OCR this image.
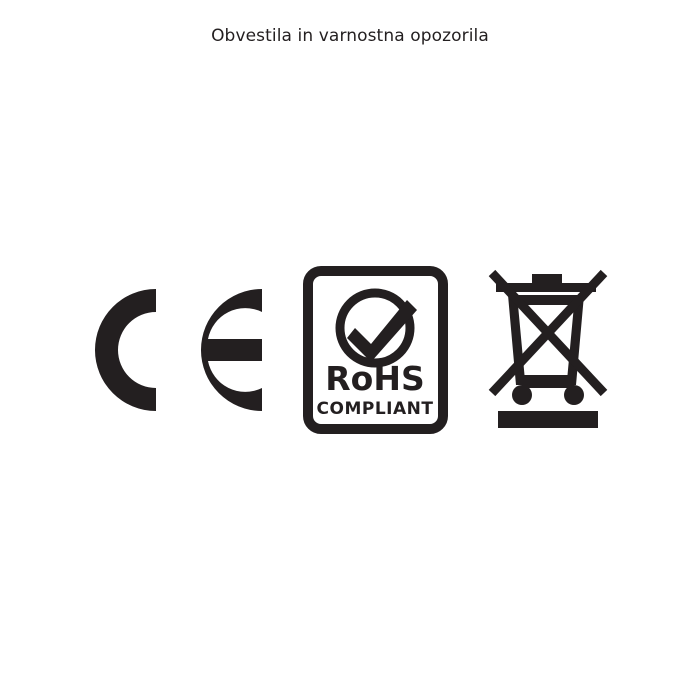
Obvestila in varnostna opozorila
RoHS
COMPLIANT
